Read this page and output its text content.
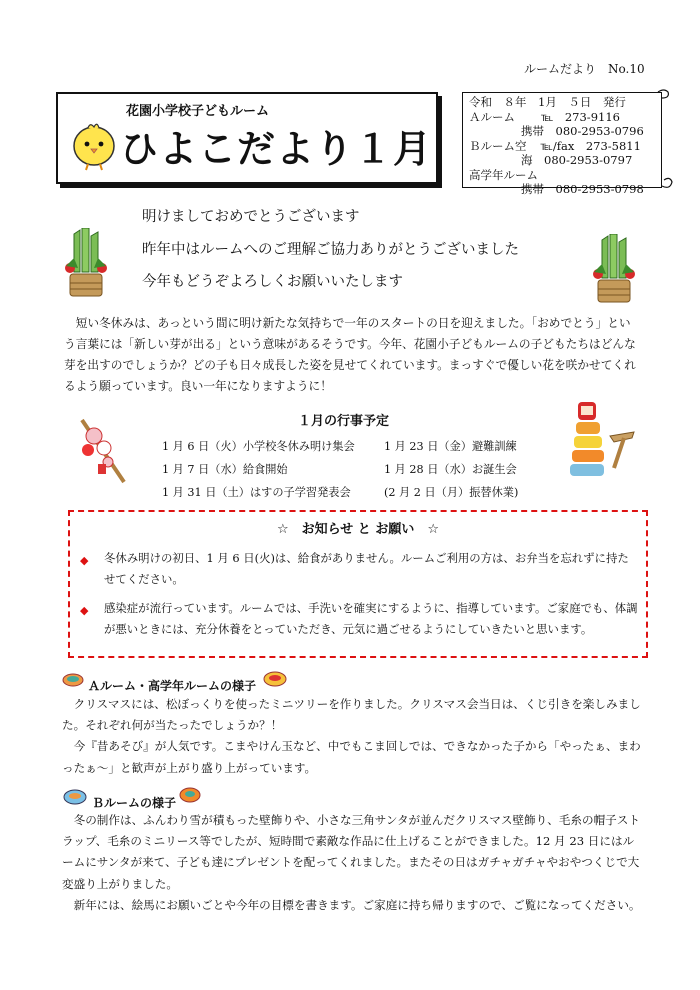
ルームだより　No.10
花園小学校子どもルーム
ひよこだより１月
令和　８年　1月　５日　発行
Ａルーム ℡　 273-9116
携帯　 080-2953-0796
Ｂルーム空 ℡/fax　 273-5811
海　 080-2953-0797
高学年ルーム
携帯　 080-2953-0798
明けましておめでとうございます
昨年中はルームへのご理解ご協力ありがとうございました
今年もどうぞよろしくお願いいたします
短い冬休みは、あっという間に明け新たな気持ちで一年のスタートの日を迎えました。「おめでとう」という言葉には「新しい芽が出る」という意味があるそうです。今年、花園小子どもルームの子どもたちはどんな芽を出すのでしょうか？どの子も日々成長した姿を見せてくれています。まっすぐで優しい花を咲かせてくれるよう願っています。良い一年になりますように！
１月の行事予定
1 月 6 日（火）小学校冬休み明け集会
1 月 7 日（水）給食開始
1 月 31 日（土）はすの子学習発表会
1 月 23 日（金）避難訓練
1 月 28 日（水）お誕生会
(2 月 2 日（月）振替休業)
☆　お知らせ と お願い　☆
◆ 冬休み明けの初日、1 月 6 日(火)は、給食がありません。ルームご利用の方は、お弁当を忘れずに持たせてください。
◆ 感染症が流行っています。ルームでは、手洗いを確実にするように、指導しています。ご家庭でも、体調が悪いときには、充分休養をとっていただき、元気に過ごせるようにしていきたいと思います。
Ａルーム・高学年ルームの様子

クリスマスには、松ぼっくりを使ったミニツリーを作りました。クリスマス会当日は、くじ引きを楽しみました。それぞれ何が当たったでしょうか？！

今『昔あそび』が人気です。こまやけん玉など、中でもこま回しでは、できなかった子から「やったぁ、まわったぁ～」と歓声が上がり盛り上がっています。

Ｂルームの様子

冬の制作は、ふんわり雪が積もった壁飾りや、小さな三角サンタが並んだクリスマス壁飾り、毛糸の帽子ストラップ、毛糸のミニリース等でしたが、短時間で素敵な作品に仕上げることができました。12 月 23 日にはルームにサンタが来て、子ども達にプレゼントを配ってくれました。またその日はガチャガチャやおやつくじで大変盛り上がりました。

新年には、絵馬にお願いごとや今年の目標を書きます。ご家庭に持ち帰りますので、ご覧になってください。
